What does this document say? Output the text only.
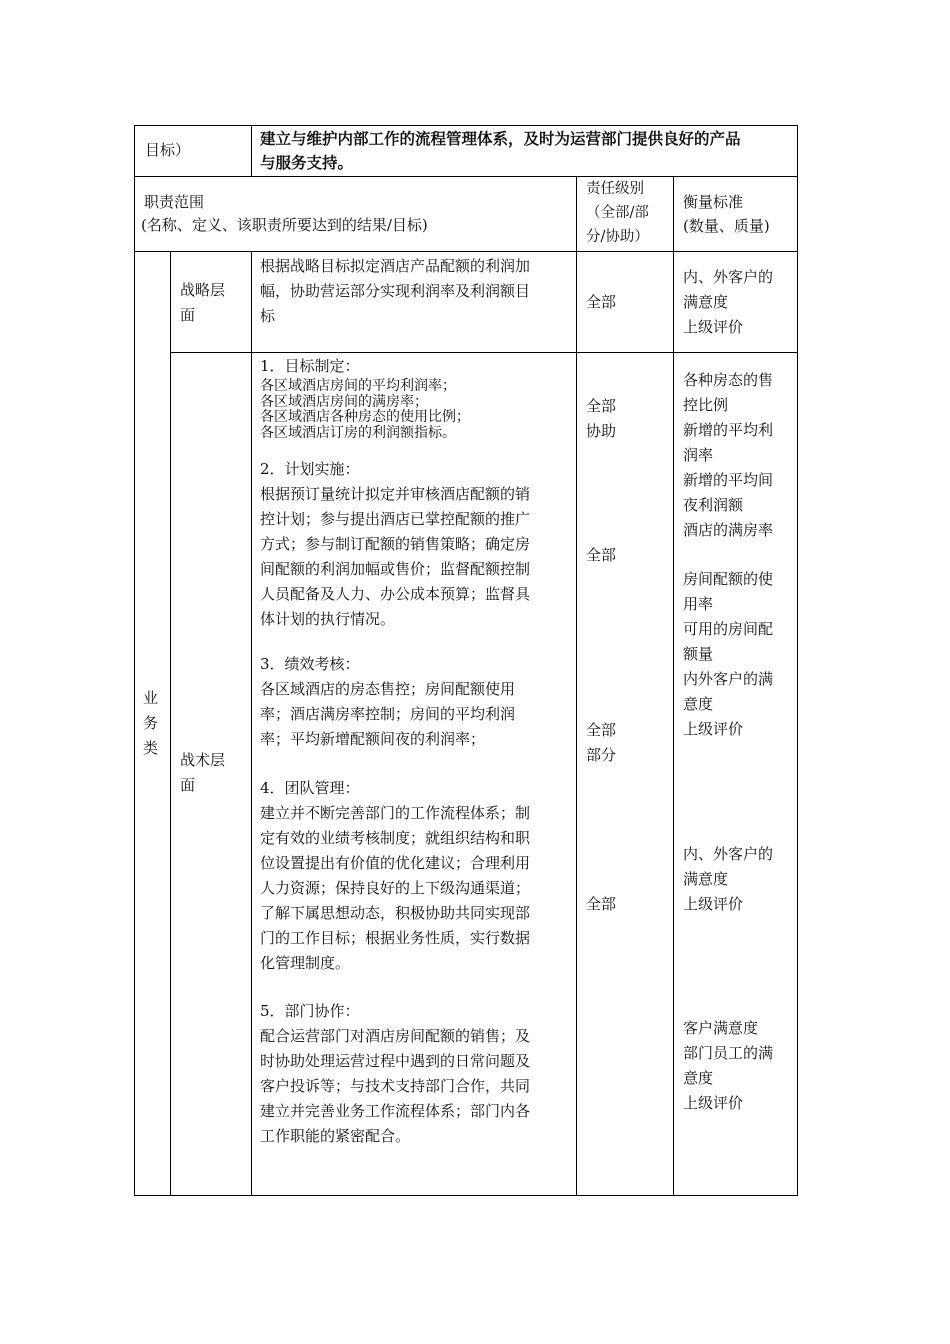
目标）

建立与维护内部工作的流程管理体系，及时为运营部门提供良好的产品
与服务支持。

职责范围

(名称、定义、该职责所要达到的结果/目标)

责任级别
（全部/部
分/协助）

衡量标准
(数量、质量)

业
务
类

战略层
面

根据战略目标拟定酒店产品配额的利润加
幅，协助营运部分实现利润率及利润额目
标

全部

内、外客户的
满意度
上级评价

战术层
面

1．目标制定：
各区域酒店房间的平均利润率；
各区域酒店房间的满房率；
各区域酒店各种房态的使用比例；
各区域酒店订房的利润额指标。
2．计划实施：
根据预订量统计拟定并审核酒店配额的销
控计划；参与提出酒店已掌控配额的推广
方式；参与制订配额的销售策略；确定房
间配额的利润加幅或售价；监督配额控制
人员配备及人力、办公成本预算；监督具
体计划的执行情况。
3．绩效考核：
各区域酒店的房态售控；房间配额使用
率；酒店满房率控制；房间的平均利润
率；平均新增配额间夜的利润率；
4．团队管理：
建立并不断完善部门的工作流程体系；制
定有效的业绩考核制度；就组织结构和职
位设置提出有价值的优化建议；合理利用
人力资源；保持良好的上下级沟通渠道；
了解下属思想动态，积极协助共同实现部
门的工作目标；根据业务性质，实行数据
化管理制度。
5．部门协作：
配合运营部门对酒店房间配额的销售；及
时协助处理运营过程中遇到的日常问题及
客户投诉等；与技术支持部门合作，共同
建立并完善业务工作流程体系；部门内各
工作职能的紧密配合。

全部
协助

全部

全部
部分

全部

各种房态的售
控比例
新增的平均利
润率
新增的平均间
夜利润额
酒店的满房率

房间配额的使
用率
可用的房间配
额量
内外客户的满
意度
上级评价

内、外客户的
满意度
上级评价

客户满意度
部门员工的满
意度
上级评价
